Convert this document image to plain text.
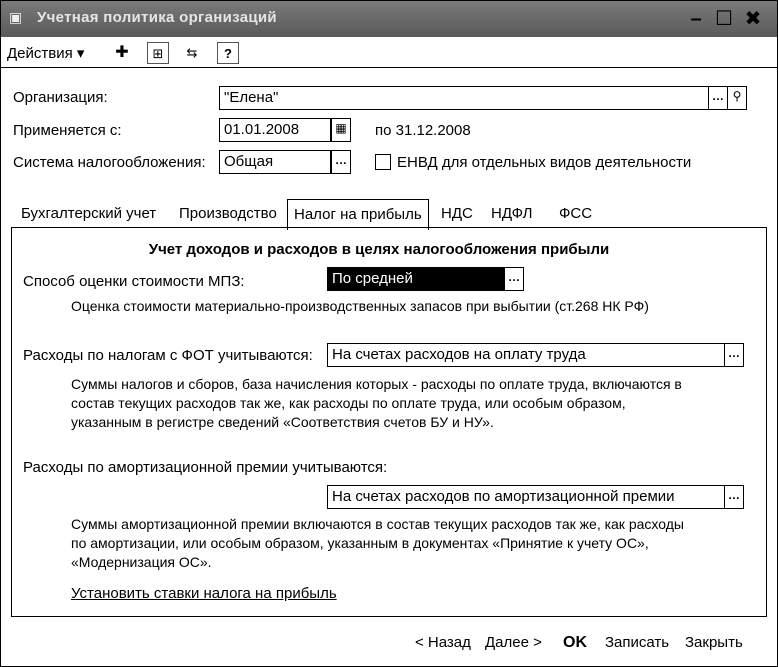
▣ Учетная политика организаций	– ☐ ✖
Действия ▾ ✚	⊞	⇆	?
Организация:	"Елена"	… ⚲
Применяется с:	01.01.2008	▦ по 31.12.2008
Система налогообложения:	Общая	…	ЕНВД для отдельных видов деятельности
Бухгалтерский учет Производство	Налог на прибыль	НДС НДФЛ ФСС
Учет доходов и расходов в целях налогообложения прибыли
Способ оценки стоимости МПЗ:	По средней	…
Оценка стоимости материально-производственных запасов при выбытии (ст.268 НК РФ)
Расходы по налогам с ФОТ учитываются:	На счетах расходов на оплату труда	…
Суммы налогов и сборов, база начисления которых - расходы по оплате труда, включаются в
состав текущих расходов так же, как расходы по оплате труда, или особым образом,
указанным в регистре сведений «Соответствия счетов БУ и НУ».
Расходы по амортизационной премии учитываются:
На счетах расходов по амортизационной премии	…
Суммы амортизационной премии включаются в состав текущих расходов так же, как расходы
по амортизации, или особым образом, указанным в документах «Принятие к учету ОС»,
«Модернизация ОС».
Установить ставки налога на прибыль
< Назад Далее > OK Записать Закрыть
